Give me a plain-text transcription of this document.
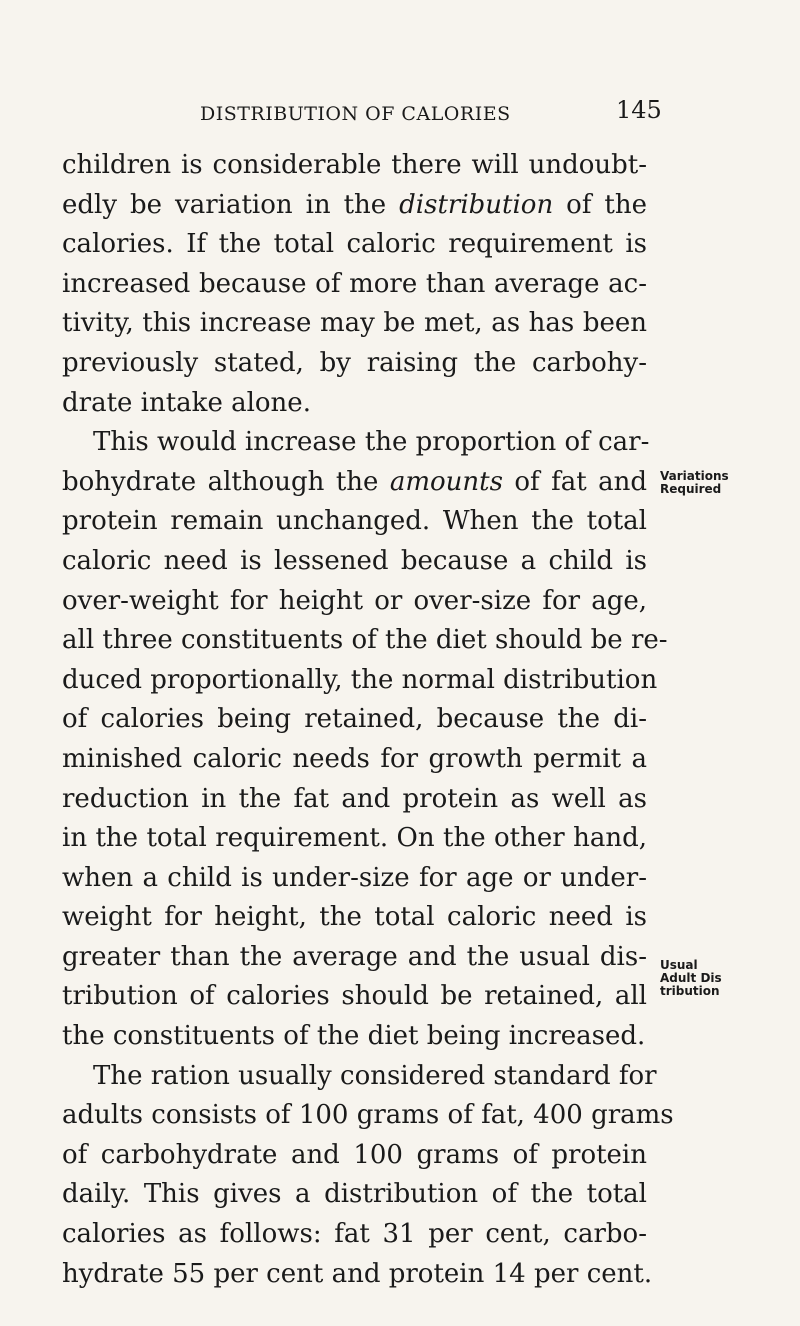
DISTRIBUTION OF CALORIES	145
children is considerable there will undoubt-
edly be variation in the distribution of the
calories. If the total caloric requirement is
increased because of more than average ac-
tivity, this increase may be met, as has been
previously stated, by raising the carbohy-
drate intake alone.
This would increase the proportion of car-
bohydrate although the amounts of fat and
protein remain unchanged. When the total
caloric need is lessened because a child is
over-weight for height or over-size for age,
all three constituents of the diet should be re-
duced proportionally, the normal distribution
of calories being retained, because the di-
minished caloric needs for growth permit a
reduction in the fat and protein as well as
in the total requirement. On the other hand,
when a child is under-size for age or under-
weight for height, the total caloric need is
greater than the average and the usual dis-
tribution of calories should be retained, all
the constituents of the diet being increased.
The ration usually considered standard for
adults consists of 100 grams of fat, 400 grams
of carbohydrate and 100 grams of protein
daily. This gives a distribution of the total
calories as follows: fat 31 per cent, carbo-
hydrate 55 per cent and protein 14 per cent.
Variations
Required
Usual
Adult Dis
tribution
